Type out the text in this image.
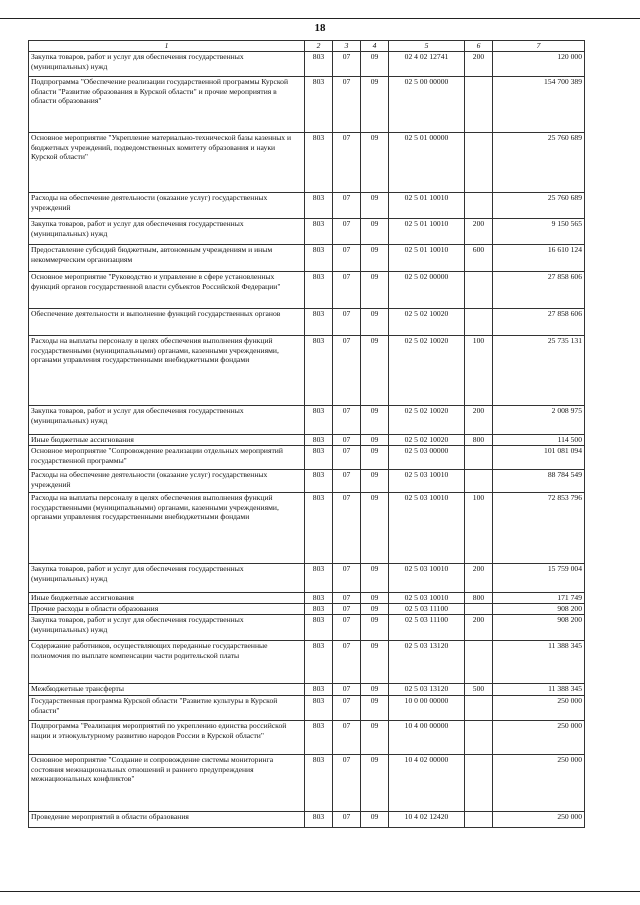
18
1	2	3	4	5	6	7
Закупка товаров, работ и услуг для обеспечения государственных (муниципальных) нужд	803	07	09	02 4 02 12741	200	120 000
Подпрограмма "Обеспечение реализации государственной программы Курской области "Развитие образования в Курской области" и прочие мероприятия в области образования"	803	07	09	02 5 00 00000		154 700 389
Основное мероприятие "Укрепление материально-технической базы казенных и бюджетных учреждений, подведомственных комитету образования и науки Курской области"	803	07	09	02 5 01 00000		25 760 689
Расходы на обеспечение деятельности (оказание услуг) государственных учреждений	803	07	09	02 5 01 10010		25 760 689
Закупка товаров, работ и услуг для обеспечения государственных (муниципальных) нужд	803	07	09	02 5 01 10010	200	9 150 565
Предоставление субсидий бюджетным, автономным учреждениям и иным некоммерческим организациям	803	07	09	02 5 01 10010	600	16 610 124
Основное мероприятие "Руководство и управление в сфере установленных функций органов государственной власти субъектов Российской Федерации"	803	07	09	02 5 02 00000		27 858 606
Обеспечение деятельности и выполнение функций государственных органов	803	07	09	02 5 02 10020		27 858 606
Расходы на выплаты персоналу в целях обеспечения выполнения функций государственными (муниципальными) органами, казенными учреждениями, органами управления государственными внебюджетными фондами	803	07	09	02 5 02 10020	100	25 735 131
Закупка товаров, работ и услуг для обеспечения государственных (муниципальных) нужд	803	07	09	02 5 02 10020	200	2 008 975
Иные бюджетные ассигнования	803	07	09	02 5 02 10020	800	114 500
Основное мероприятие "Сопровождение реализации отдельных мероприятий государственной программы"	803	07	09	02 5 03 00000		101 081 094
Расходы на обеспечение деятельности (оказание услуг) государственных учреждений	803	07	09	02 5 03 10010		88 784 549
Расходы на выплаты персоналу в целях обеспечения выполнения функций государственными (муниципальными) органами, казенными учреждениями, органами управления государственными внебюджетными фондами	803	07	09	02 5 03 10010	100	72 853 796
Закупка товаров, работ и услуг для обеспечения государственных (муниципальных) нужд	803	07	09	02 5 03 10010	200	15 759 004
Иные бюджетные ассигнования	803	07	09	02 5 03 10010	800	171 749
Прочие расходы в области образования	803	07	09	02 5 03 11100		908 200
Закупка товаров, работ и услуг для обеспечения государственных (муниципальных) нужд	803	07	09	02 5 03 11100	200	908 200
Содержание работников, осуществляющих переданные государственные полномочия по выплате компенсации части родительской платы	803	07	09	02 5 03 13120		11 388 345
Межбюджетные трансферты	803	07	09	02 5 03 13120	500	11 388 345
Государственная программа Курской области "Развитие культуры в Курской области"	803	07	09	10 0 00 00000		250 000
Подпрограмма "Реализация мероприятий по укреплению единства российской нации и этнокультурному развитию народов России в Курской области"	803	07	09	10 4 00 00000		250 000
Основное мероприятие "Создание и сопровождение системы мониторинга состояния межнациональных отношений и раннего предупреждения межнациональных конфликтов"	803	07	09	10 4 02 00000		250 000
Проведение мероприятий в области образования	803	07	09	10 4 02 12420		250 000
